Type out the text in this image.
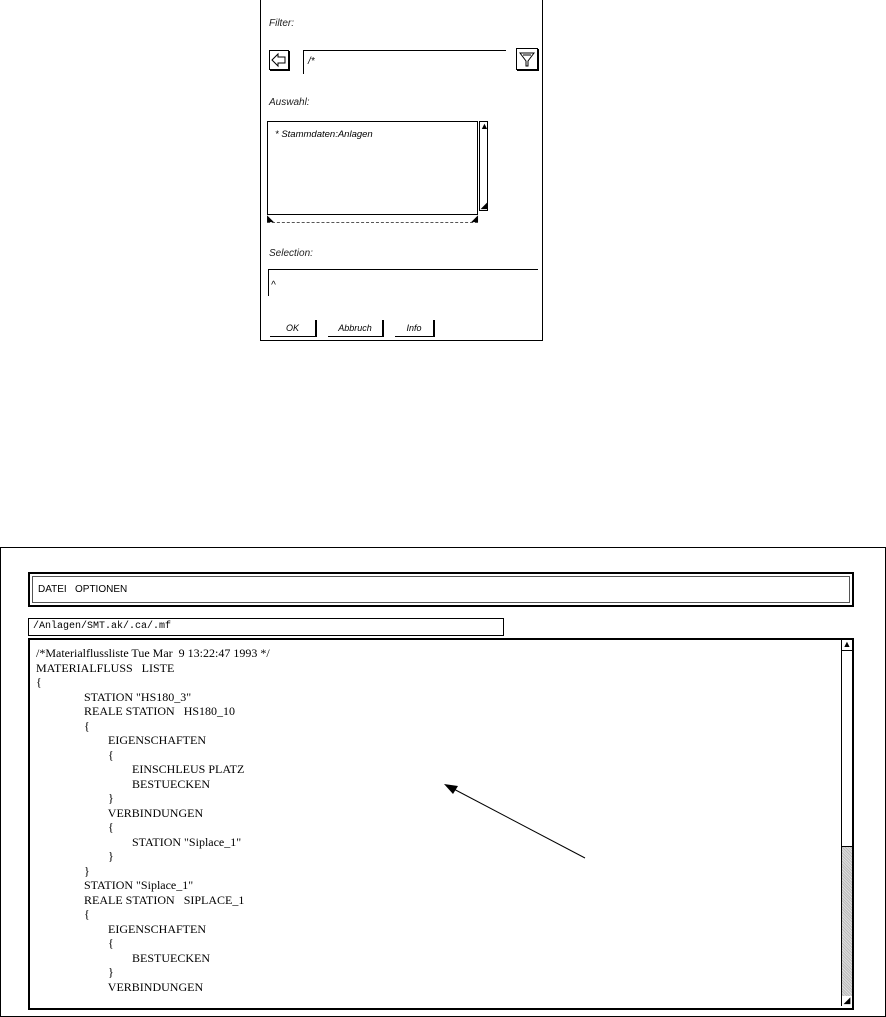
Filter:
/*
Auswahl:
* Stammdaten:Anlagen
▲
◢
◣	◢
Selection:
^
OK	Abbruch	Info
DATEI OPTIONEN
/Anlagen/SMT.ak/.ca/.mf
/*Materialflussliste Tue Mar  9 13:22:47 1993 */
MATERIALFLUSS   LISTE
{
STATION "HS180_3"
REALE STATION   HS180_10
{
EIGENSCHAFTEN
{
EINSCHLEUS PLATZ
BESTUECKEN
}
VERBINDUNGEN
{
STATION "Siplace_1"
}
}
STATION "Siplace_1"
REALE STATION   SIPLACE_1
{
EIGENSCHAFTEN
{
BESTUECKEN
}
VERBINDUNGEN
▲
◢
